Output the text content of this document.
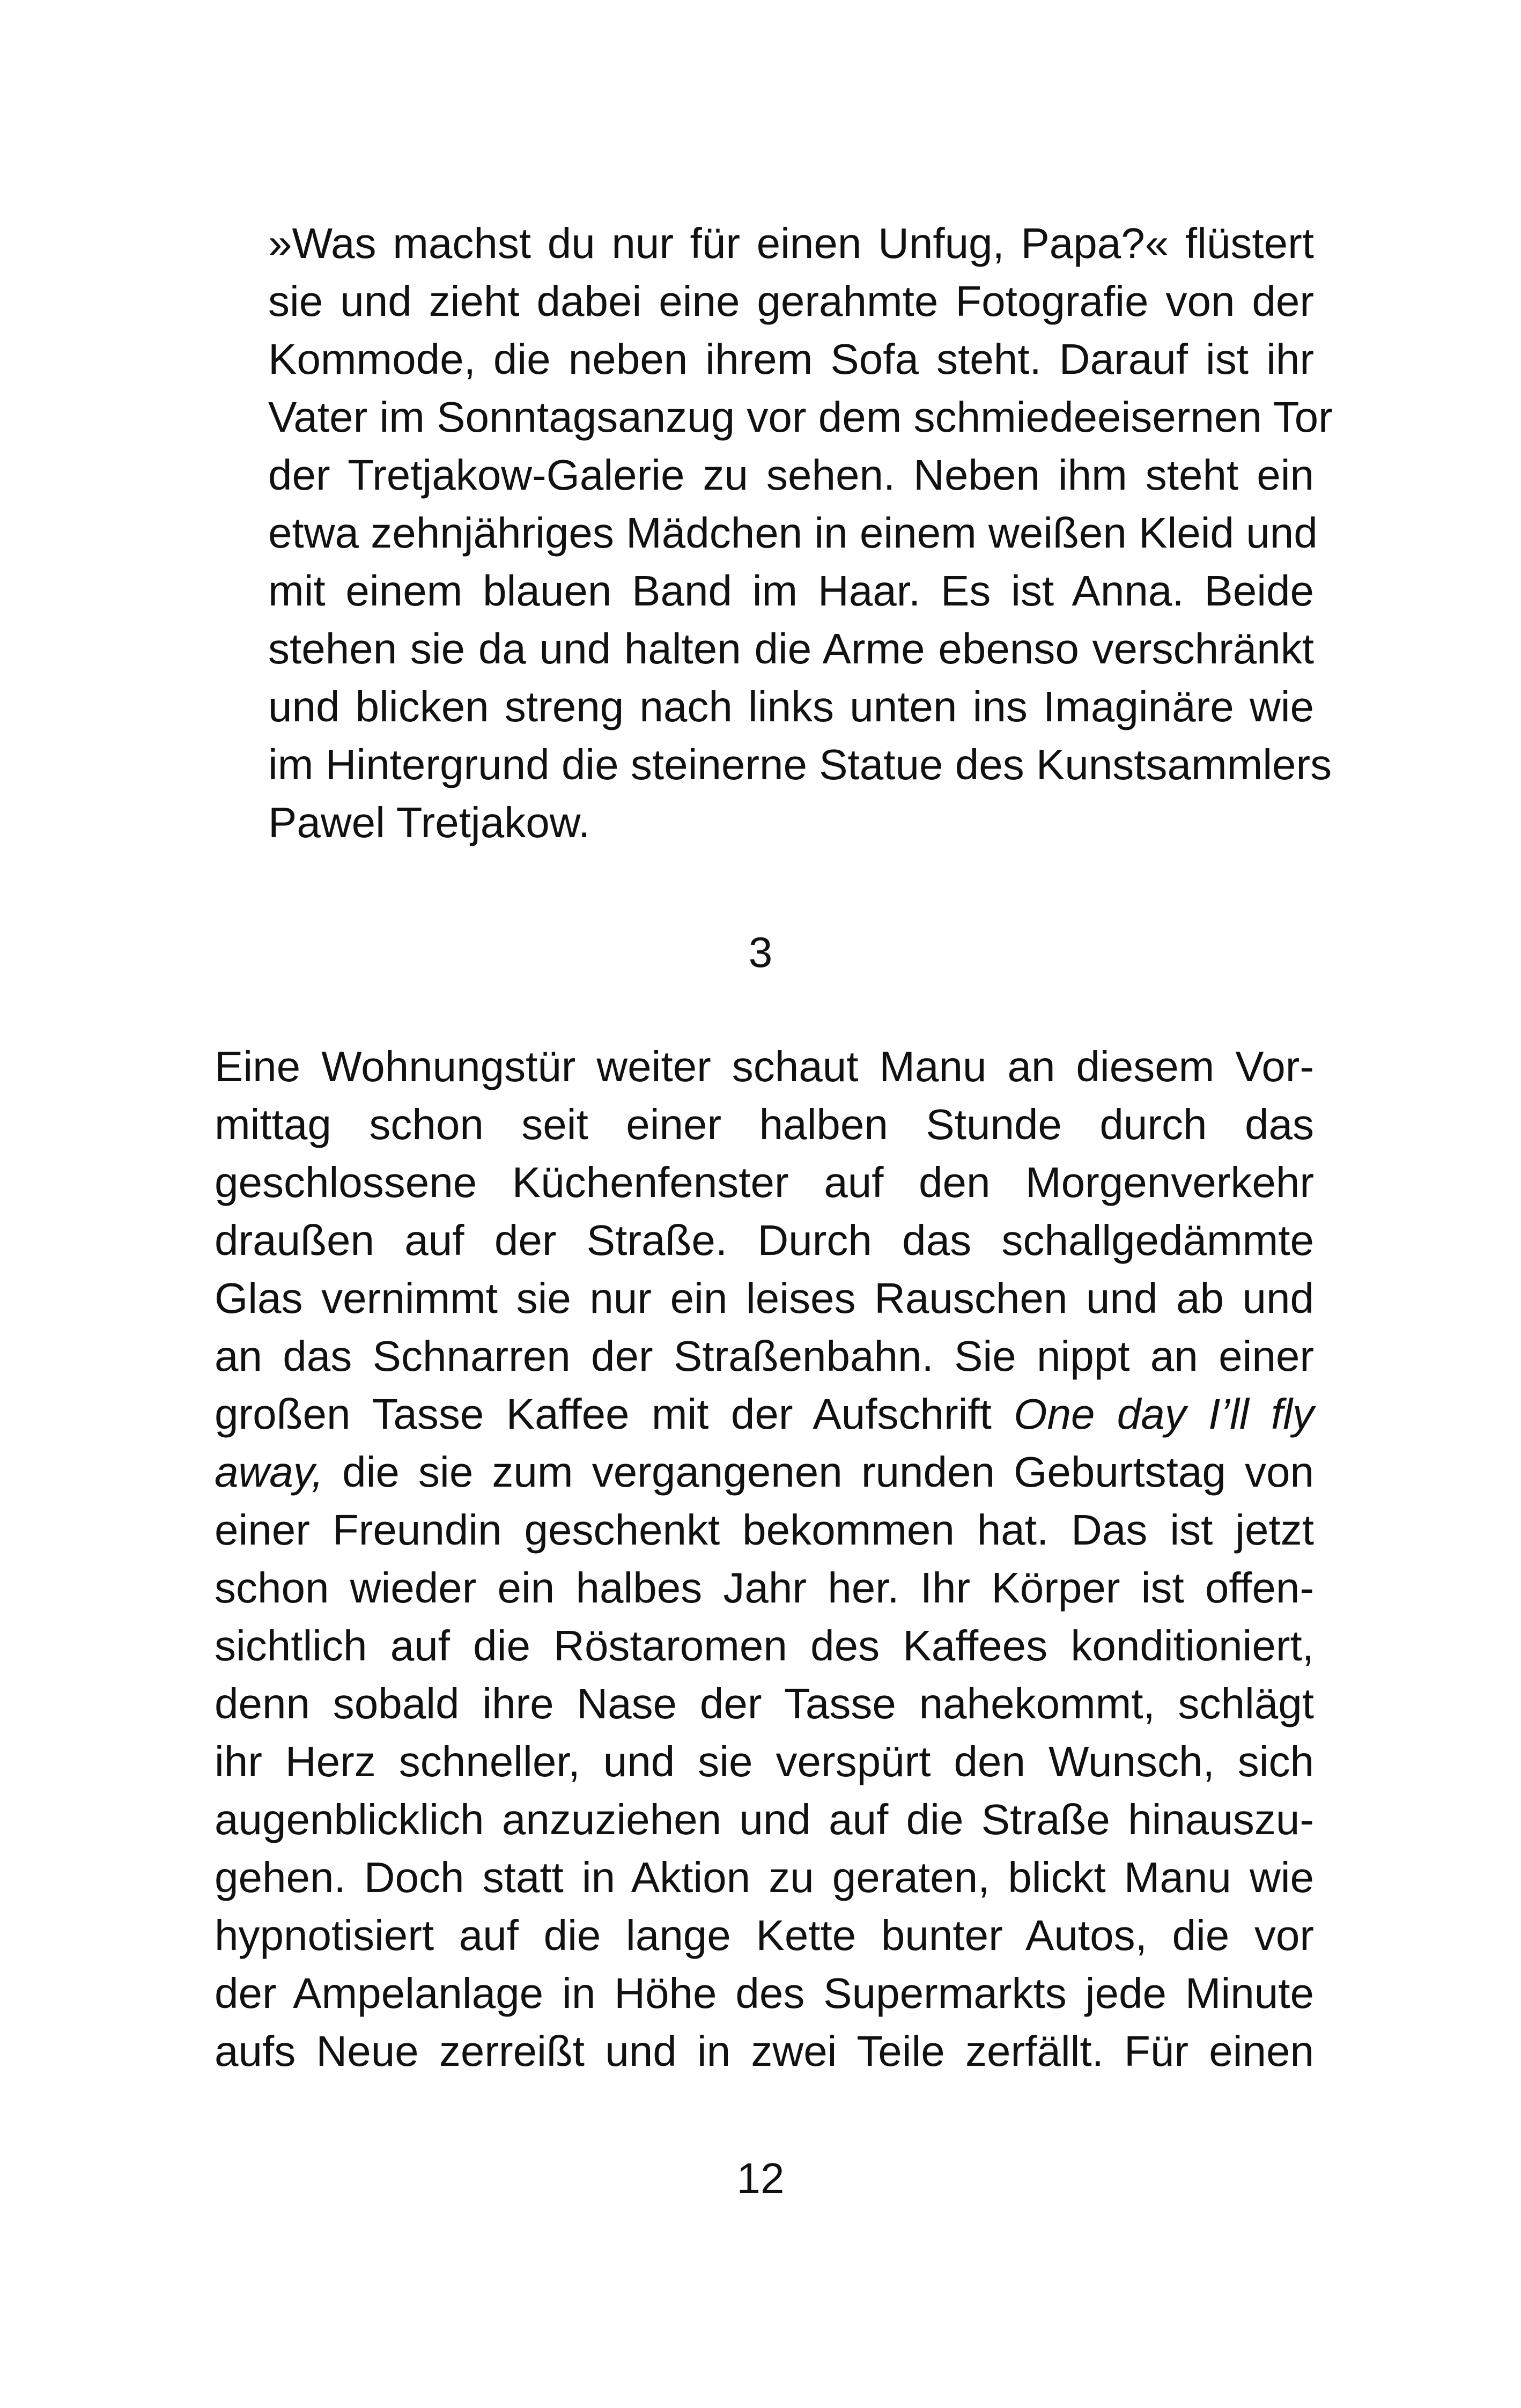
»Was machst du nur für einen Unfug, Papa?« flüstert
sie und zieht dabei eine gerahmte Fotografie von der
Kommode, die neben ihrem Sofa steht. Darauf ist ihr
Vater im Sonntagsanzug vor dem schmiedeeisernen Tor
der Tretjakow-Galerie zu sehen. Neben ihm steht ein
etwa zehnjähriges Mädchen in einem weißen Kleid und
mit einem blauen Band im Haar. Es ist Anna. Beide
stehen sie da und halten die Arme ebenso verschränkt
und blicken streng nach links unten ins Imaginäre wie
im Hintergrund die steinerne Statue des Kunstsammlers
Pawel Tretjakow.
3
Eine Wohnungstür weiter schaut Manu an diesem Vor-
mittag schon seit einer halben Stunde durch das
geschlossene Küchenfenster auf den Morgenverkehr
draußen auf der Straße. Durch das schallgedämmte
Glas vernimmt sie nur ein leises Rauschen und ab und
an das Schnarren der Straßenbahn. Sie nippt an einer
großen Tasse Kaffee mit der Aufschrift One day I’ll fly
away, die sie zum vergangenen runden Geburtstag von
einer Freundin geschenkt bekommen hat. Das ist jetzt
schon wieder ein halbes Jahr her. Ihr Körper ist offen-
sichtlich auf die Röstaromen des Kaffees konditioniert,
denn sobald ihre Nase der Tasse nahekommt, schlägt
ihr Herz schneller, und sie verspürt den Wunsch, sich
augenblicklich anzuziehen und auf die Straße hinauszu-
gehen. Doch statt in Aktion zu geraten, blickt Manu wie
hypnotisiert auf die lange Kette bunter Autos, die vor
der Ampelanlage in Höhe des Supermarkts jede Minute
aufs Neue zerreißt und in zwei Teile zerfällt. Für einen
12
